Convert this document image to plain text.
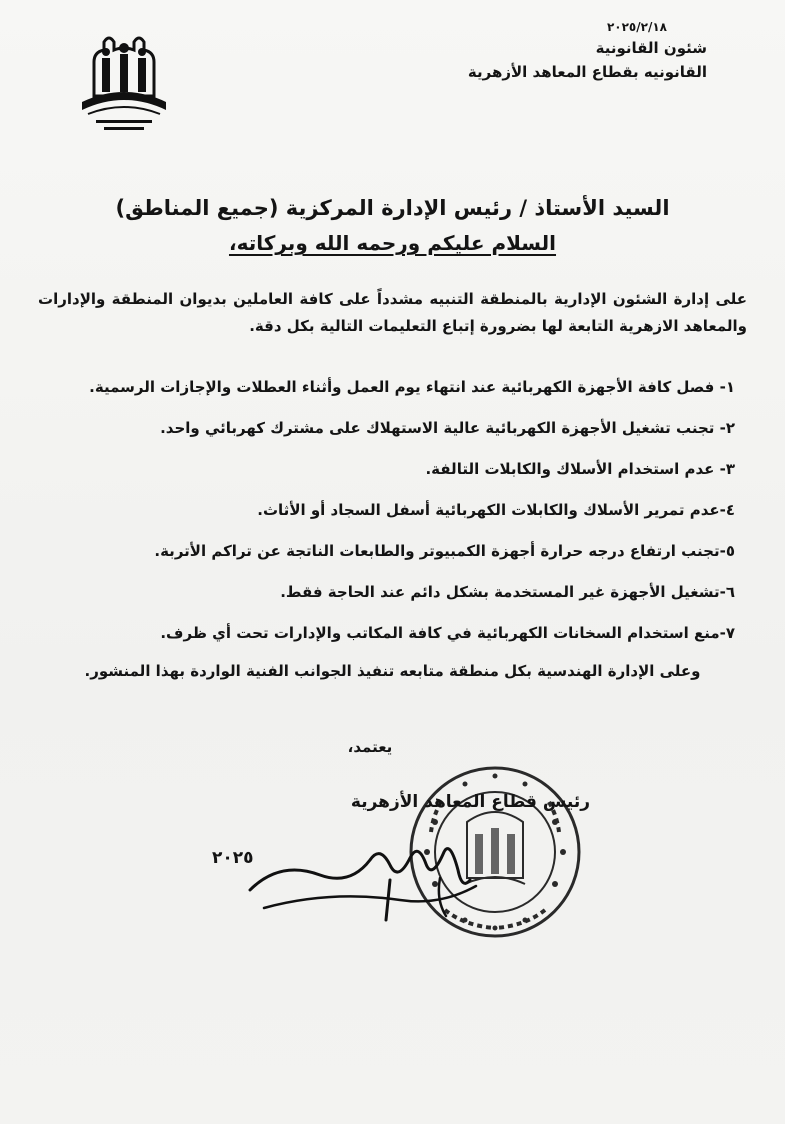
٢٠٢٥/٢/١٨
شئون القانونية
القانونيه بقطاع المعاهد الأزهرية
السيد الأستاذ / رئيس الإدارة المركزية (جميع المناطق)
السلام عليكم ورحمه الله وبركاته،
على إدارة الشئون الإدارية بالمنطقة التنبيه مشدداً على كافة العاملين بديوان المنطقة والإدارات والمعاهد الازهرية التابعة لها بضرورة إتباع التعليمات التالية بكل دقة.
١- فصل كافة الأجهزة الكهربائية عند انتهاء يوم العمل وأثناء العطلات والإجازات الرسمية.
٢- تجنب تشغيل الأجهزة الكهربائية عالية الاستهلاك على مشترك كهربائي واحد.
٣- عدم استخدام الأسلاك والكابلات التالفة.
٤-عدم تمرير الأسلاك والكابلات الكهربائية أسفل السجاد أو الأثاث.
٥-تجنب ارتفاع درجه حرارة أجهزة الكمبيوتر والطابعات الناتجة عن تراكم الأتربة.
٦-تشغيل الأجهزة غير المستخدمة بشكل دائم عند الحاجة فقط.
٧-منع استخدام السخانات الكهربائية في كافة المكاتب والإدارات تحت أي ظرف.
وعلى الإدارة الهندسية بكل منطقة متابعه تنفيذ الجوانب الفنية الواردة بهذا المنشور.
يعتمد،
رئيس قطاع المعاهد الأزهرية
٢٠٢٥
